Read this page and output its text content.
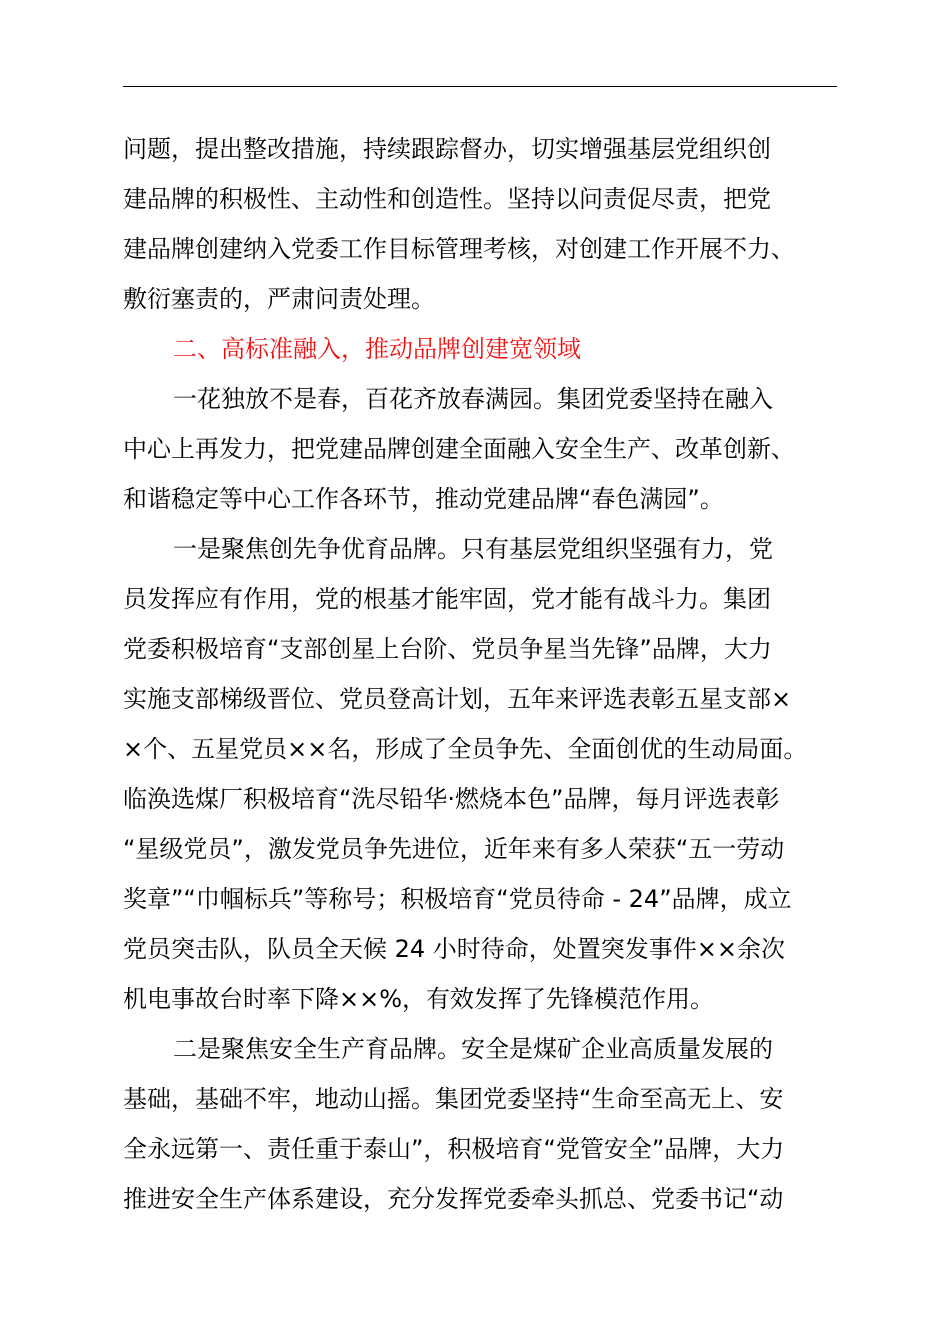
问题，提出整改措施，持续跟踪督办，切实增强基层党组织创
建品牌的积极性、主动性和创造性。坚持以问责促尽责，把党
建品牌创建纳入党委工作目标管理考核，对创建工作开展不力、
敷衍塞责的，严肃问责处理。
二、高标准融入，推动品牌创建宽领域
一花独放不是春，百花齐放春满园。集团党委坚持在融入
中心上再发力，把党建品牌创建全面融入安全生产、改革创新、
和谐稳定等中心工作各环节，推动党建品牌“春色满园”。
一是聚焦创先争优育品牌。只有基层党组织坚强有力，党
员发挥应有作用，党的根基才能牢固，党才能有战斗力。集团
党委积极培育“支部创星上台阶、党员争星当先锋”品牌，大力
实施支部梯级晋位、党员登高计划，五年来评选表彰五星支部×
×个、五星党员××名，形成了全员争先、全面创优的生动局面。
临涣选煤厂积极培育“洗尽铅华·燃烧本色”品牌，每月评选表彰
“星级党员”，激发党员争先进位，近年来有多人荣获“五一劳动
奖章”“巾帼标兵”等称号；积极培育“党员待命 - 24”品牌，成立
党员突击队，队员全天候 24 小时待命，处置突发事件××余次
机电事故台时率下降××%，有效发挥了先锋模范作用。
二是聚焦安全生产育品牌。安全是煤矿企业高质量发展的
基础，基础不牢，地动山摇。集团党委坚持“生命至高无上、安
全永远第一、责任重于泰山”，积极培育“党管安全”品牌，大力
推进安全生产体系建设，充分发挥党委牵头抓总、党委书记“动
